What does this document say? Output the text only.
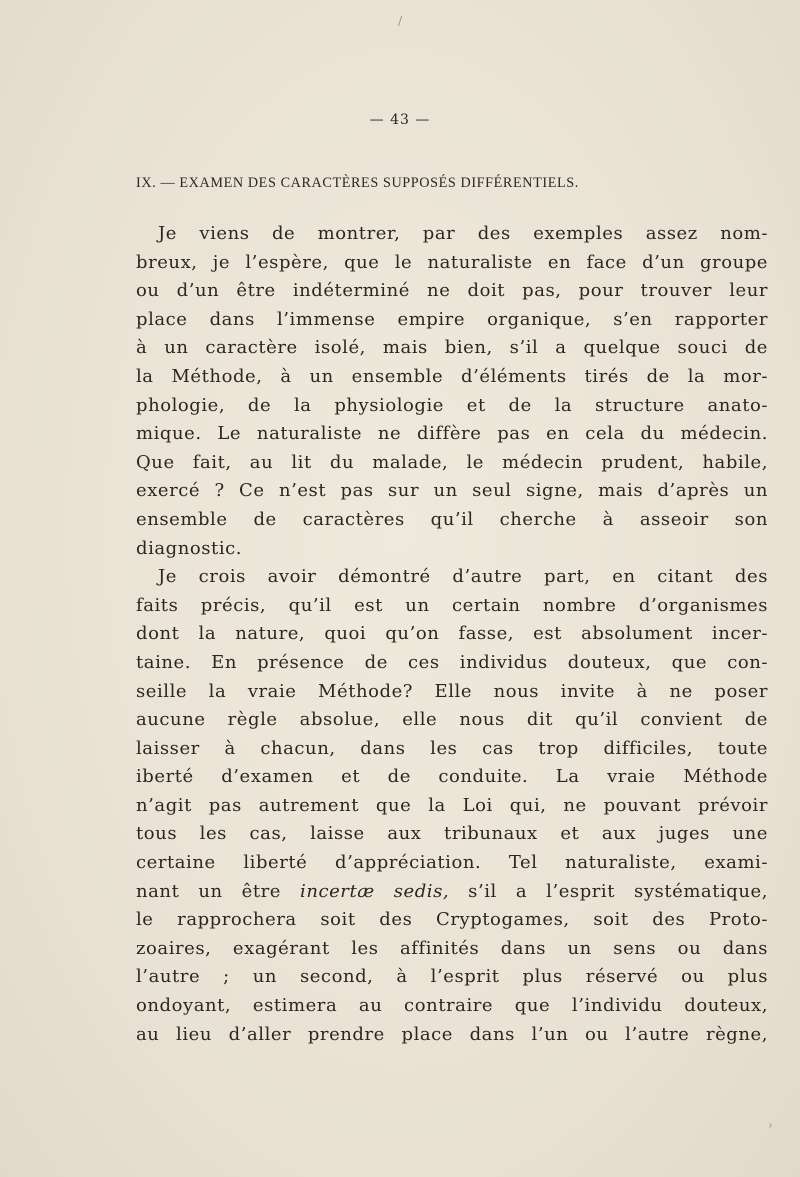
/
— 43 —
IX. — EXAMEN DES CARACTÈRES SUPPOSÉS DIFFÉRENTIELS.
Je viens de montrer, par des exemples assez nom-
breux, je l’espère, que le naturaliste en face d’un groupe
ou d’un être indéterminé ne doit pas, pour trouver leur
place dans l’immense empire organique, s’en rapporter
à un caractère isolé, mais bien, s’il a quelque souci de
la Méthode, à un ensemble d’éléments tirés de la mor-
phologie, de la physiologie et de la structure anato-
mique. Le naturaliste ne diffère pas en cela du médecin.
Que fait, au lit du malade, le médecin prudent, habile,
exercé ? Ce n’est pas sur un seul signe, mais d’après un
ensemble de caractères qu’il cherche à asseoir son
diagnostic.
Je crois avoir démontré d’autre part, en citant des
faits précis, qu’il est un certain nombre d’organismes
dont la nature, quoi qu’on fasse, est absolument incer-
taine. En présence de ces individus douteux, que con-
seille la vraie Méthode? Elle nous invite à ne poser
aucune règle absolue, elle nous dit qu’il convient de
laisser à chacun, dans les cas trop difficiles, toute
iberté d’examen et de conduite. La vraie Méthode
n’agit pas autrement que la Loi qui, ne pouvant prévoir
tous les cas, laisse aux tribunaux et aux juges une
certaine liberté d’appréciation. Tel naturaliste, exami-
nant un être incertæ sedis, s’il a l’esprit systématique,
le rapprochera soit des Cryptogames, soit des Proto-
zoaires, exagérant les affinités dans un sens ou dans
l’autre ; un second, à l’esprit plus réservé ou plus
ondoyant, estimera au contraire que l’individu douteux,
au lieu d’aller prendre place dans l’un ou l’autre règne,
›
